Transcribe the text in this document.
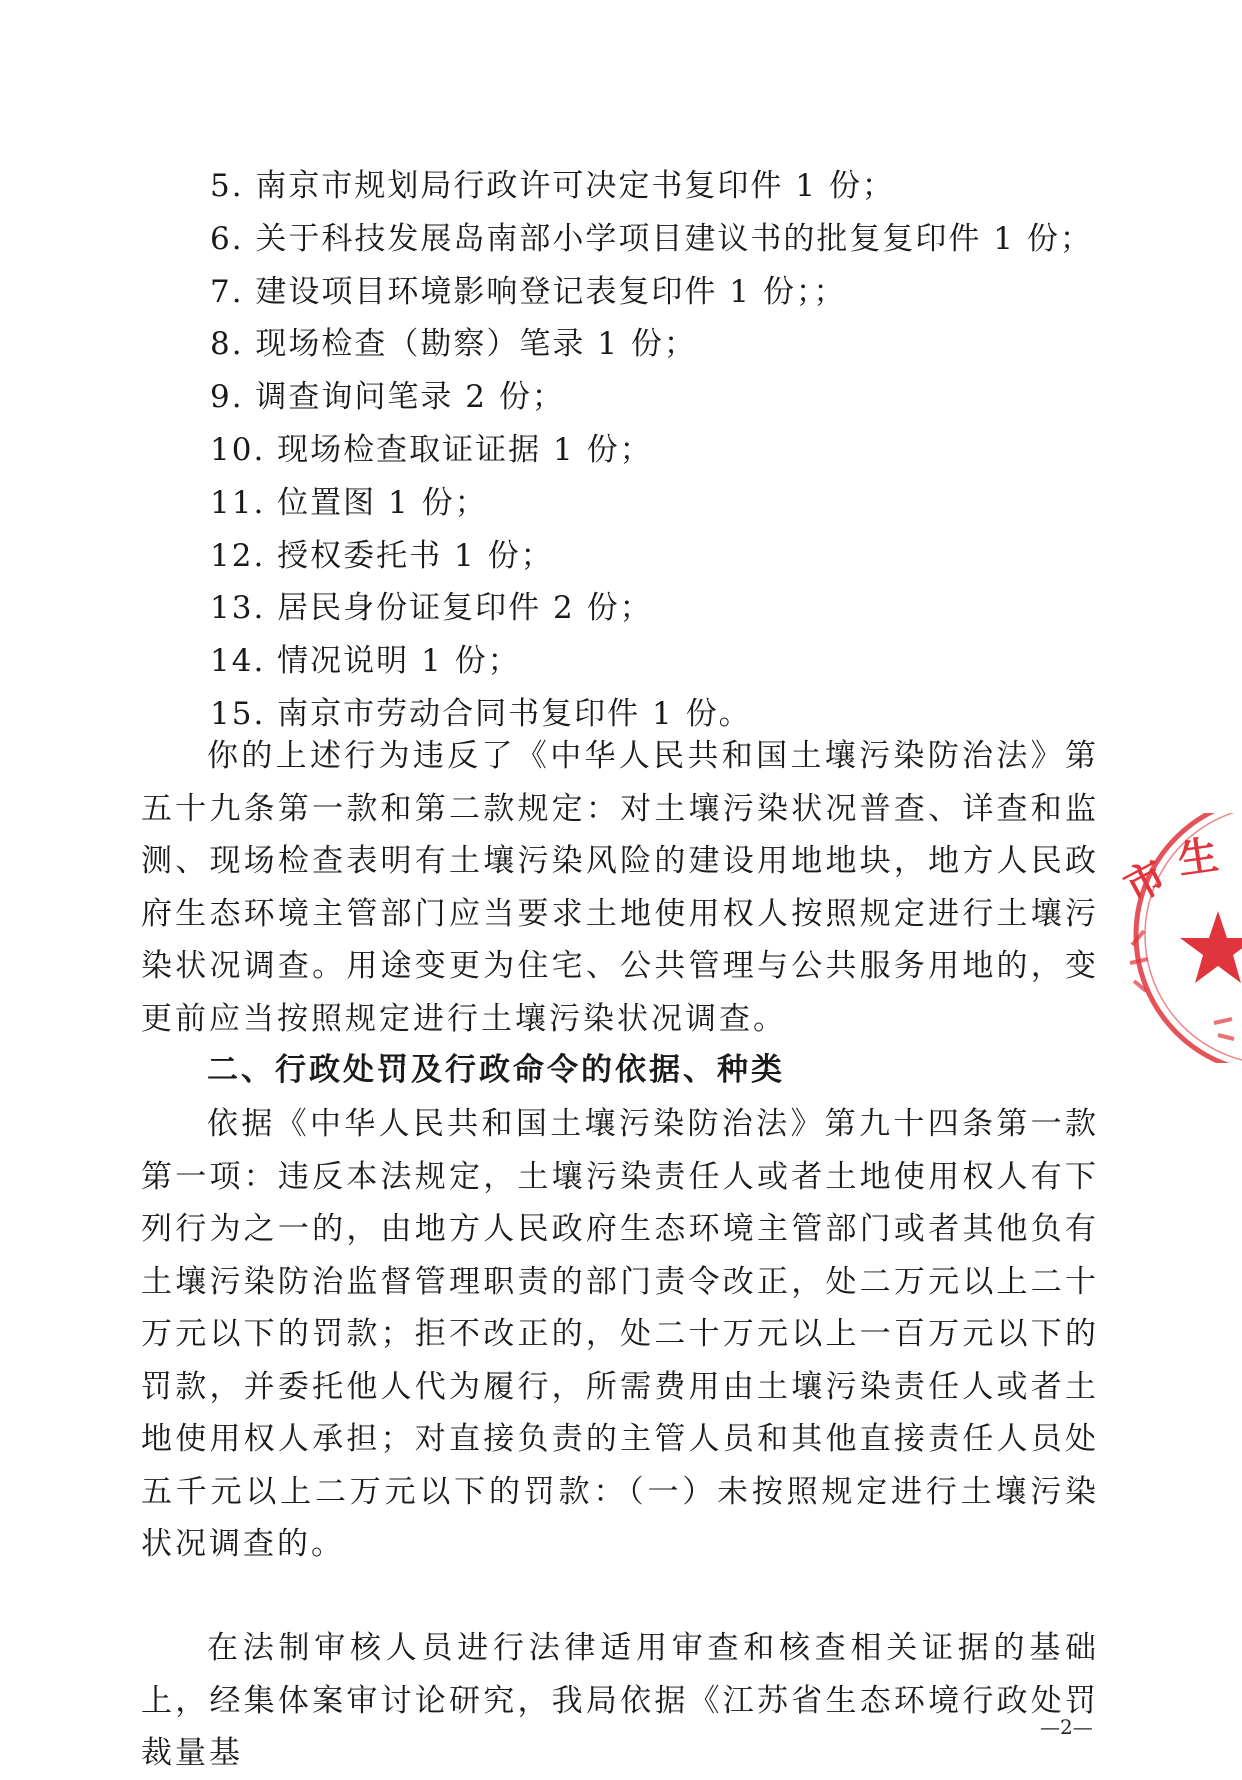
5. 南京市规划局行政许可决定书复印件 1 份；
6. 关于科技发展岛南部小学项目建议书的批复复印件 1 份；
7. 建设项目环境影响登记表复印件 1 份；；
8. 现场检查（勘察）笔录 1 份；
9. 调查询问笔录 2 份；
10. 现场检查取证证据 1 份；
11. 位置图 1 份；
12. 授权委托书 1 份；
13. 居民身份证复印件 2 份；
14. 情况说明 1 份；
15. 南京市劳动合同书复印件 1 份。

你的上述行为违反了《中华人民共和国土壤污染防治法》第五十九条第一款和第二款规定：对土壤污染状况普查、详查和监测、现场检查表明有土壤污染风险的建设用地地块，地方人民政府生态环境主管部门应当要求土地使用权人按照规定进行土壤污染状况调查。用途变更为住宅、公共管理与公共服务用地的，变更前应当按照规定进行土壤污染状况调查。

二、行政处罚及行政命令的依据、种类

依据《中华人民共和国土壤污染防治法》第九十四条第一款第一项：违反本法规定，土壤污染责任人或者土地使用权人有下列行为之一的，由地方人民政府生态环境主管部门或者其他负有土壤污染防治监督管理职责的部门责令改正，处二万元以上二十万元以下的罚款；拒不改正的，处二十万元以上一百万元以下的罚款，并委托他人代为履行，所需费用由土壤污染责任人或者土地使用权人承担；对直接负责的主管人员和其他直接责任人员处五千元以上二万元以下的罚款：（一）未按照规定进行土壤污染状况调查的。

在法制审核人员进行法律适用审查和核查相关证据的基础上，经集体案审讨论研究，我局依据《江苏省生态环境行政处罚裁量基

—2—
市 生
